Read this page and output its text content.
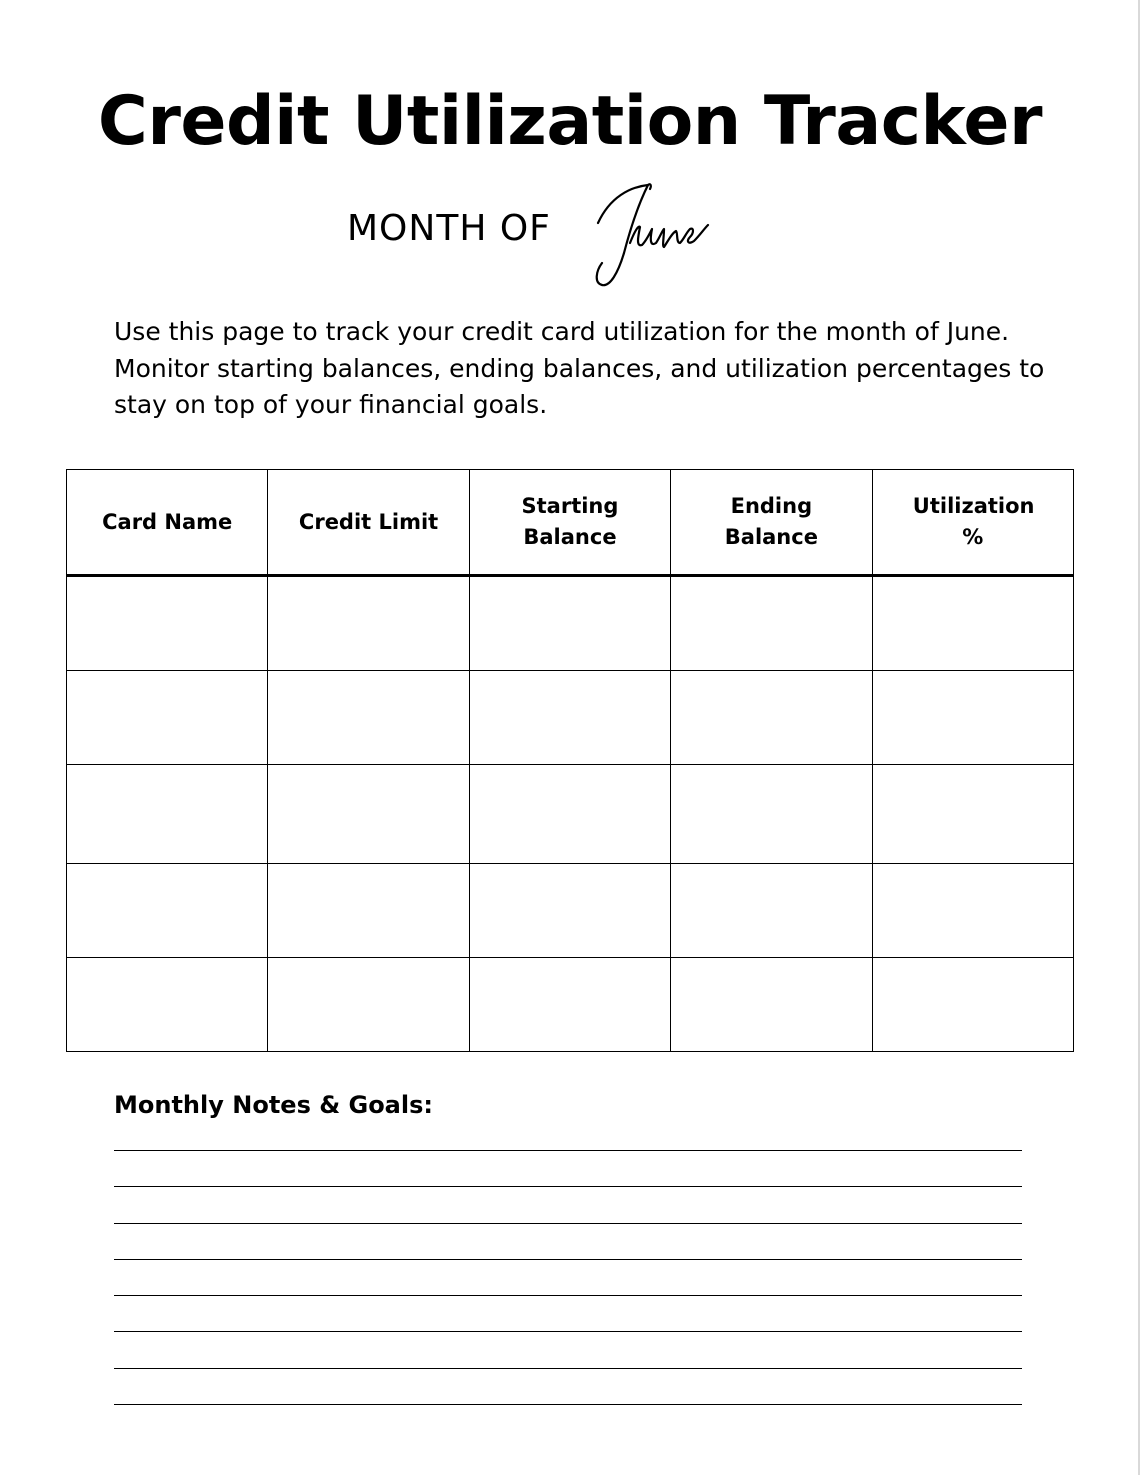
Credit Utilization Tracker
MONTH OF

Use this page to track your credit card utilization for the month of June. Monitor starting balances, ending balances, and utilization percentages to stay on top of your financial goals.

Card Name	Credit Limit	Starting Balance	Ending Balance	Utilization %

Monthly Notes & Goals:
